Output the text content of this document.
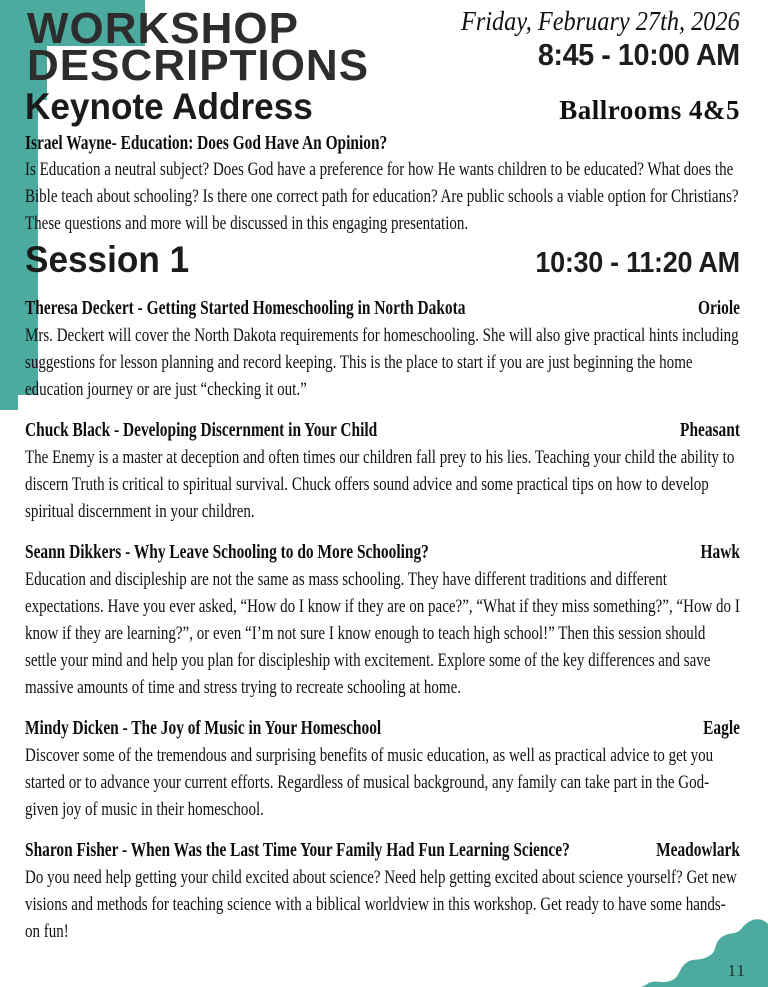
11
WORKSHOP
DESCRIPTIONS
Friday, February 27th, 2026
8:45 - 10:00 AM
Keynote Address	Ballrooms 4&5
Israel Wayne- Education: Does God Have An Opinion?
Is Education a neutral subject? Does God have a preference for how He wants children to be educated? What does the Bible teach about schooling? Is there one correct path for education? Are public schools a viable option for Christians? These questions and more will be discussed in this engaging presentation.
Session 1	10:30 - 11:20 AM
Theresa Deckert - Getting Started Homeschooling in North Dakota	Oriole
Mrs. Deckert will cover the North Dakota requirements for homeschooling. She will also give practical hints including suggestions for lesson planning and record keeping. This is the place to start if you are just beginning the home education journey or are just “checking it out.”
Chuck Black - Developing Discernment in Your Child	Pheasant
The Enemy is a master at deception and often times our children fall prey to his lies. Teaching your child the ability to discern Truth is critical to spiritual survival. Chuck offers sound advice and some practical tips on how to develop spiritual discernment in your children.
Seann Dikkers - Why Leave Schooling to do More Schooling?	Hawk
Education and discipleship are not the same as mass schooling. They have different traditions and different expectations. Have you ever asked, “How do I know if they are on pace?”, “What if they miss something?”, “How do I know if they are learning?”, or even “I’m not sure I know enough to teach high school!” Then this session should settle your mind and help you plan for discipleship with excitement. Explore some of the key differences and save massive amounts of time and stress trying to recreate schooling at home.
Mindy Dicken - The Joy of Music in Your Homeschool	Eagle
Discover some of the tremendous and surprising benefits of music education, as well as practical advice to get you started or to advance your current efforts. Regardless of musical background, any family can take part in the God-given joy of music in their homeschool.
Sharon Fisher - When Was the Last Time Your Family Had Fun Learning Science?	Meadowlark
Do you need help getting your child excited about science? Need help getting excited about science yourself? Get new visions and methods for teaching science with a biblical worldview in this workshop. Get ready to have some hands-on fun!
